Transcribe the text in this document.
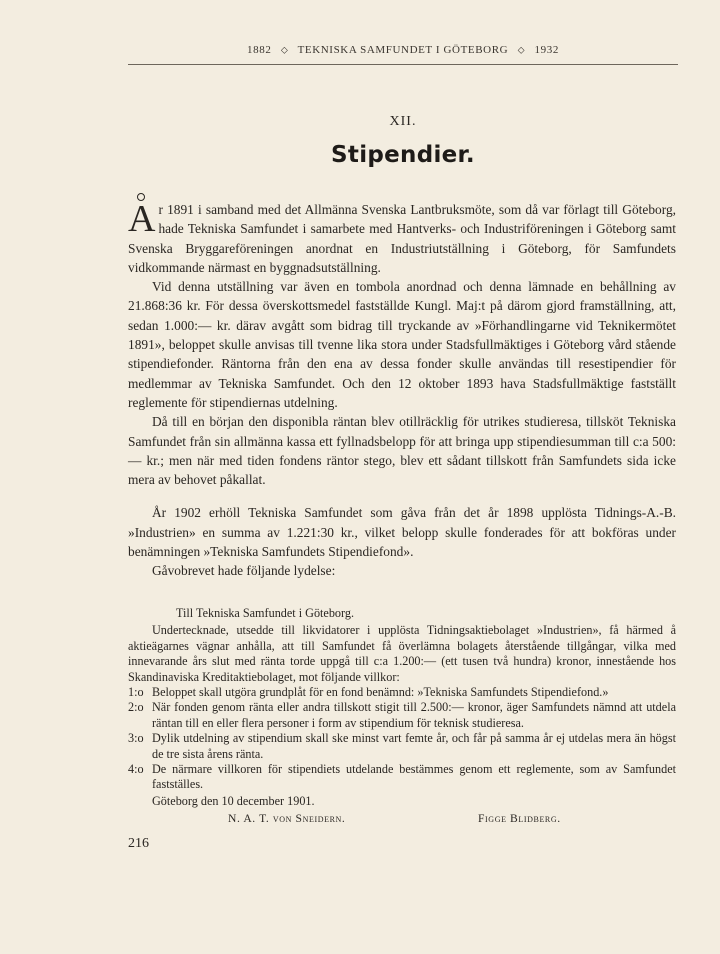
1882 ⬦ TEKNISKA SAMFUNDET I GÖTEBORG ⬦ 1932
XII.
Stipendier.

Ar 1891 i samband med det Allmänna Svenska Lantbruksmöte, som då var förlagt till Göteborg, hade Tekniska Samfundet i samarbete med Hantverks- och Industriföreningen i Göteborg samt Svenska Bryggareföreningen anordnat en Industriutställning i Göteborg, för Samfundets vidkommande närmast en byggnadsutställning.

Vid denna utställning var även en tombola anordnad och denna lämnade en behållning av 21.868:36 kr. För dessa överskottsmedel fastställde Kungl. Maj:t på därom gjord framställning, att, sedan 1.000:— kr. därav avgått som bidrag till tryckande av »Förhandlingarne vid Teknikermötet 1891», beloppet skulle anvisas till tvenne lika stora under Stadsfullmäktiges i Göteborg vård stående stipendiefonder. Räntorna från den ena av dessa fonder skulle användas till resestipendier för medlemmar av Tekniska Samfundet. Och den 12 oktober 1893 hava Stadsfullmäktige fastställt reglemente för stipendiernas utdelning.

Då till en början den disponibla räntan blev otillräcklig för utrikes studieresa, tillsköt Tekniska Samfundet från sin allmänna kassa ett fyllnadsbelopp för att bringa upp stipendiesumman till c:a 500:— kr.; men när med tiden fondens räntor stego, blev ett sådant tillskott från Samfundets sida icke mera av behovet påkallat.

År 1902 erhöll Tekniska Samfundet som gåva från det år 1898 upplösta Tidnings-A.-B. »Industrien» en summa av 1.221:30 kr., vilket belopp skulle fonderades för att bokföras under benämningen »Tekniska Samfundets Stipendiefond».

Gåvobrevet hade följande lydelse:

Till Tekniska Samfundet i Göteborg.
Undertecknade, utsedde till likvidatorer i upplösta Tidningsaktiebolaget »Industrien», få härmed å aktieägarnes vägnar anhålla, att till Samfundet få överlämna bolagets återstående tillgångar, vilka med innevarande års slut med ränta torde uppgå till c:a 1.200:— (ett tusen två hundra) kronor, innestående hos Skandinaviska Kreditaktiebolaget, mot följande villkor:
1:o Beloppet skall utgöra grundplåt för en fond benämnd: »Tekniska Samfundets Stipendiefond.»
2:o När fonden genom ränta eller andra tillskott stigit till 2.500:— kronor, äger Samfundets nämnd att utdela räntan till en eller flera personer i form av stipendium för teknisk studieresa.
3:o Dylik utdelning av stipendium skall ske minst vart femte år, och får på samma år ej utdelas mera än högst de tre sista årens ränta.
4:o De närmare villkoren för stipendiets utdelande bestämmes genom ett reglemente, som av Samfundet fastställes.
Göteborg den 10 december 1901.
N. A. T. von Sneidern.	Figge Blidberg.
216
